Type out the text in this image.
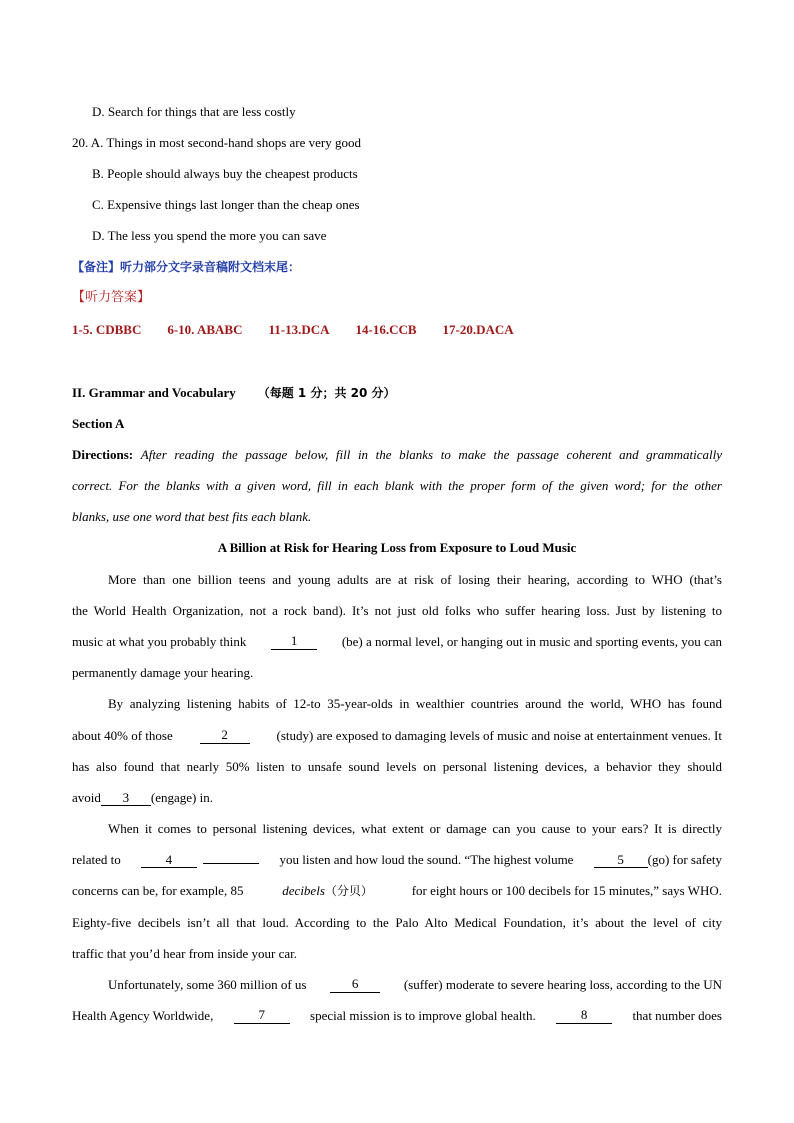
D. Search for things that are less costly
20. A. Things in most second-hand shops are very good
B. People should always buy the cheapest products
C. Expensive things last longer than the cheap ones
D. The less you spend the more you can save
【备注】听力部分文字录音稿附文档末尾：
【听力答案】
1-5. CDBBC 6-10. ABABC 11-13.DCA 14-16.CCB 17-20.DACA
II. Grammar and Vocabulary （每题 1 分；共 20 分）
Section A
Directions: After reading the passage below, fill in the blanks to make the passage coherent and grammatically
correct. For the blanks with a given word, fill in each blank with the proper form of the given word; for the other
blanks, use one word that best fits each blank.
A Billion at Risk for Hearing Loss from Exposure to Loud Music
More than one billion teens and young adults are at risk of losing their hearing, according to WHO (that’s
the World Health Organization, not a rock band). It’s not just old folks who suffer hearing loss. Just by listening to
music at what you probably think	1	(be) a normal level, or hanging out in music and sporting events, you can
permanently damage your hearing.
By analyzing listening habits of 12-to 35-year-olds in wealthier countries around the world, WHO has found
about 40% of those	2	(study) are exposed to damaging levels of music and noise at entertainment venues. It
has also found that nearly 50% listen to unsafe sound levels on personal listening devices, a behavior they should
avoid 3 (engage) in.
When it comes to personal listening devices, what extent or damage can you cause to your ears? It is directly
related to	4	you listen and how loud the sound. “The highest volume	5 (go) for safety
concerns can be, for example, 85	decibels（分贝）	for eight hours or 100 decibels for 15 minutes,” says WHO.
Eighty-five decibels isn’t all that loud. According to the Palo Alto Medical Foundation, it’s about the level of city
traffic that you’d hear from inside your car.
Unfortunately, some 360 million of us	6	(suffer) moderate to severe hearing loss, according to the UN
Health Agency Worldwide,	7	special mission is to improve global health.	8	that number does
